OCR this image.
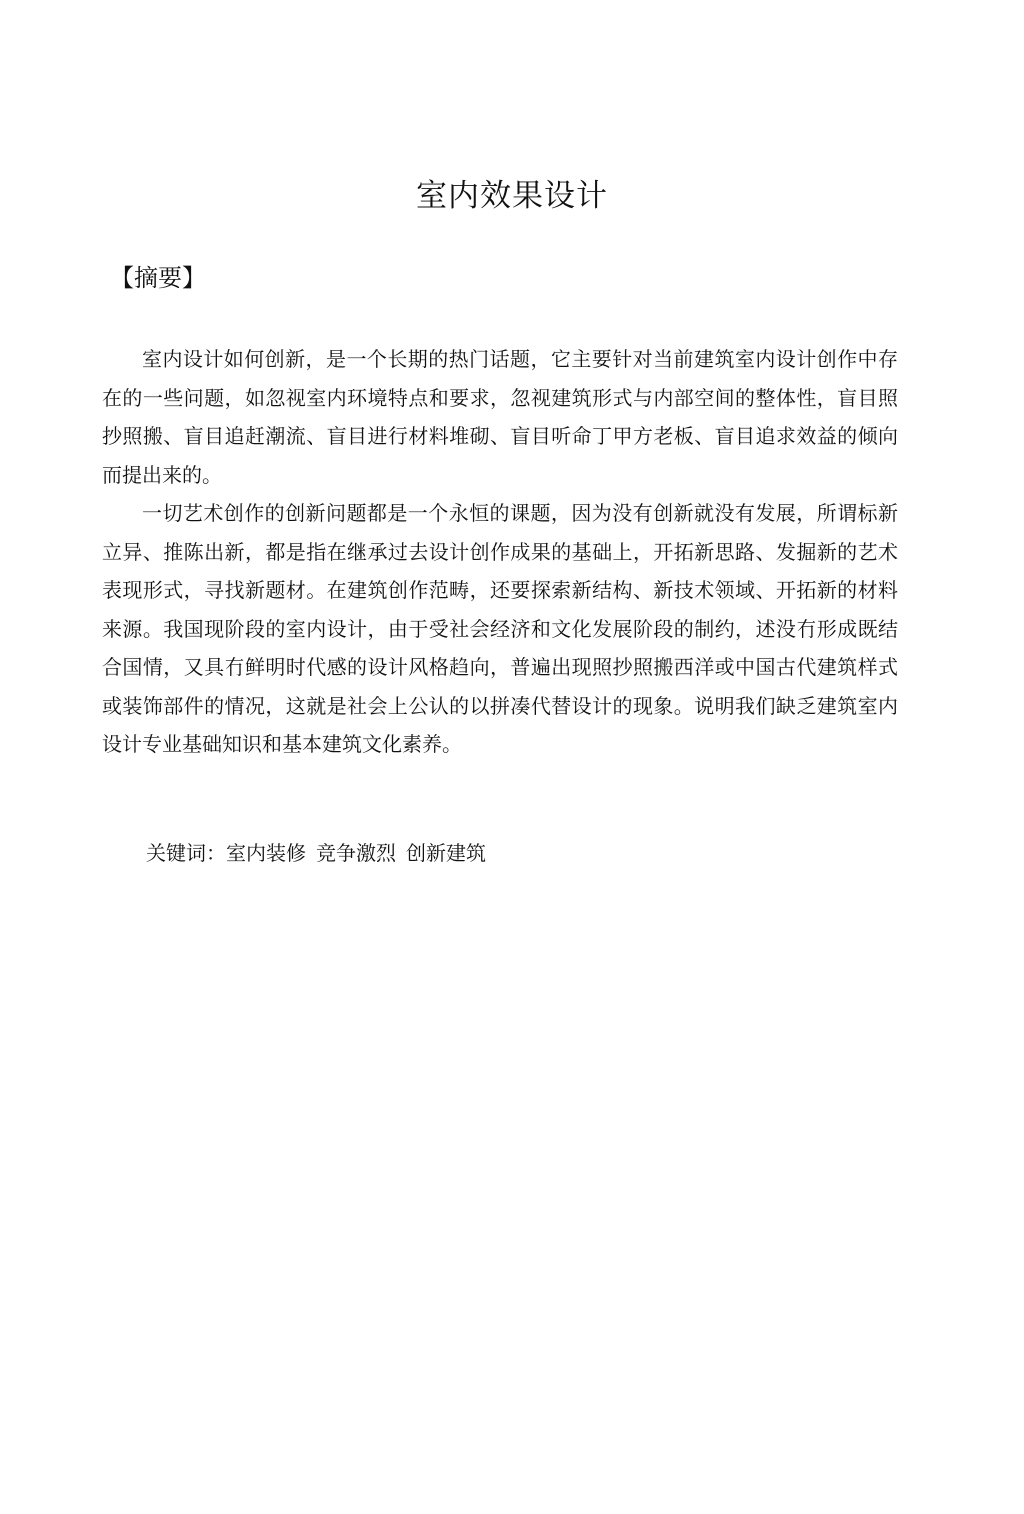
室内效果设计
【摘要】

室内设计如何创新，是一个长期的热门话题，它主要针对当前建筑室内设计创作中存在的一些问题，如忽视室内环境特点和要求，忽视建筑形式与内部空间的整体性，盲目照抄照搬、盲目追赶潮流、盲目进行材料堆砌、盲目听命丁甲方老板、盲目追求效益的倾向而提出来的。

一切艺术创作的创新问题都是一个永恒的课题，因为没有创新就没有发展，所谓标新立异、推陈出新，都是指在继承过去设计创作成果的基础上，开拓新思路、发掘新的艺术表现形式，寻找新题材。在建筑创作范畴，还要探索新结构、新技术领域、开拓新的材料来源。我国现阶段的室内设计，由于受社会经济和文化发展阶段的制约，述没冇形成既结合国情，又具冇鲜明时代感的设计风格趋向，普遍出现照抄照搬西洋或中国古代建筑样式或装饰部件的情况，这就是社会上公认的以拼凑代替设计的现象。说明我们缺乏建筑室内设计专业基础知识和基本建筑文化素养。

关键词：室内装修 竞争激烈 创新建筑
